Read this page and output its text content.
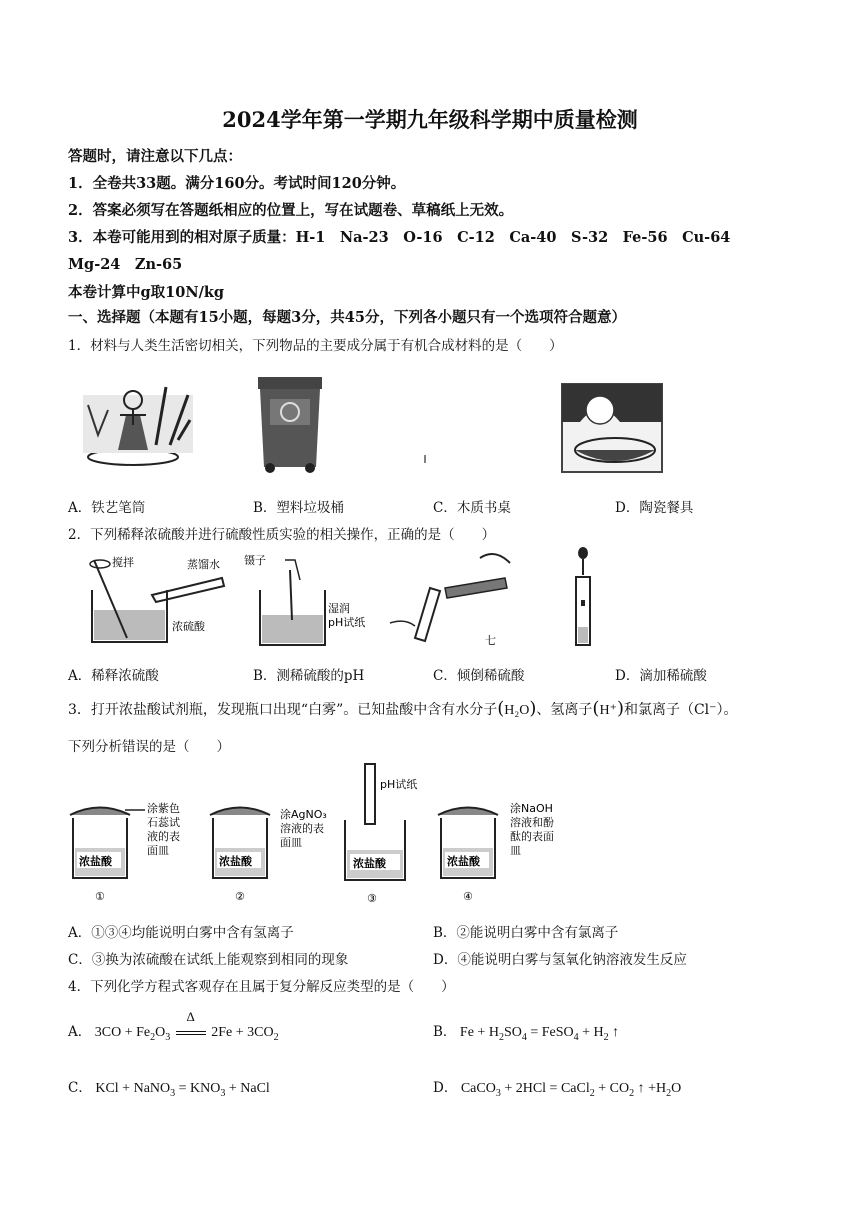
2024学年第一学期九年级科学期中质量检测
答题时，请注意以下几点：
1．全卷共33题。满分160分。考试时间120分钟。
2．答案必须写在答题纸相应的位置上，写在试题卷、草稿纸上无效。
3．本卷可能用到的相对原子质量：H-1　Na-23　O-16　C-12　Ca-40　S-32　Fe-56　Cu-64
Mg-24　Zn-65
本卷计算中g取10N/kg
一、选择题（本题有15小题，每题3分，共45分，下列各小题只有一个选项符合题意）
1．材料与人类生活密切相关，下列物品的主要成分属于有机合成材料的是（　　）
A．铁艺笔筒	B．塑料垃圾桶	C．木质书桌	D．陶瓷餐具
2．下列稀释浓硫酸并进行硫酸性质实验的相关操作，正确的是（　　）
搅拌	蒸馏水
浓硫酸
镊子
湿润
pH试纸
七
A．稀释浓硫酸	B．测稀硫酸的pH	C．倾倒稀硫酸	D．滴加稀硫酸
3．打开浓盐酸试剂瓶，发现瓶口出现“白雾”。已知盐酸中含有水分子(H₂O)、氢离子(H⁺)和氯离子（Cl⁻）。
下列分析错误的是（　　）
浓盐酸
涂紫色
石蕊试
液的表
面皿
①
浓盐酸
涂AgNO₃
溶液的表
面皿
②
pH试纸
浓盐酸
③
浓盐酸
涂NaOH
溶液和酚
酞的表面
皿
④
A．①③④均能说明白雾中含有氢离子	B．②能说明白雾中含有氯离子
C．③换为浓硫酸在试纸上能观察到相同的现象	D．④能说明白雾与氢氧化钠溶液发生反应
4．下列化学方程式客观存在且属于复分解反应类型的是（　　）
A． $3CO + Fe_2O_3$
Δ
$2Fe + 3CO_2$	B． $Fe + H_2SO_4$ = FeSO$_4$ + $H_2$ ↑
C． KCl + NaNO$_3$ = $KNO_3$ + NaCl	D． CaCO$_3$ + 2HCl = CaCl$_2$ + $CO_2$ ↑ $+H_2O$
